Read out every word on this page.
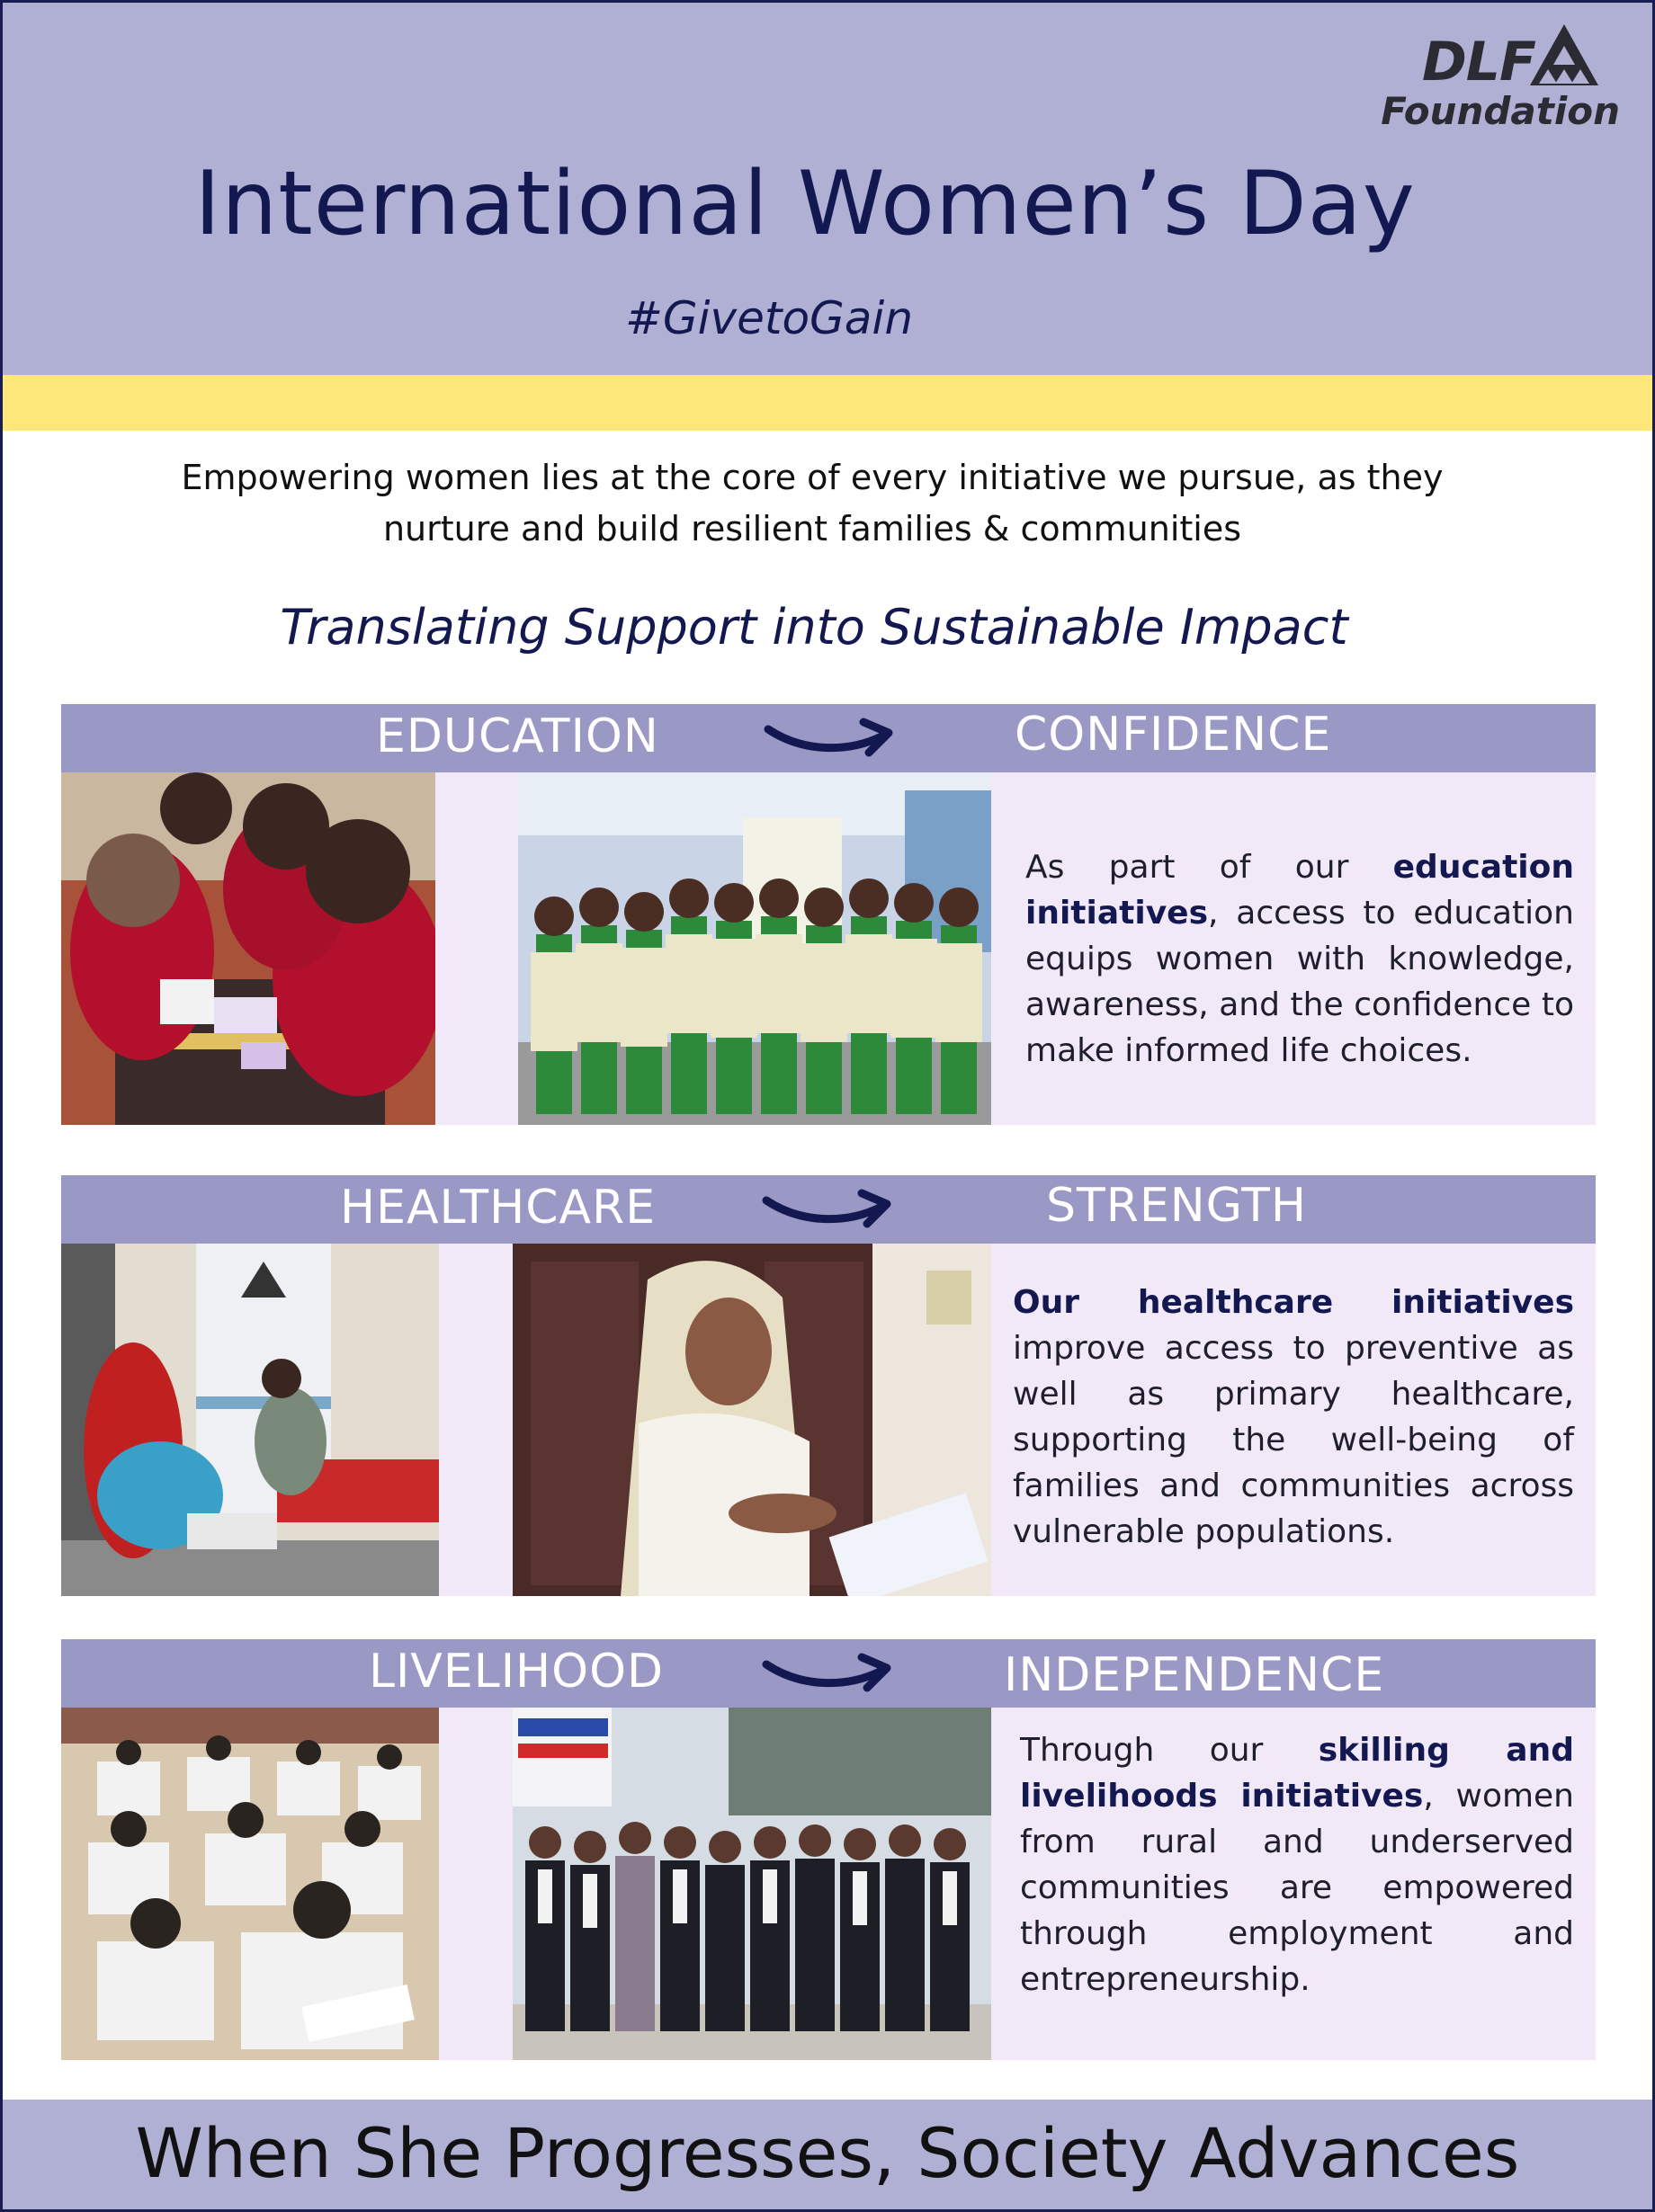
DLF
Foundation
International Women’s Day
#GivetoGain
Empowering women lies at the core of every initiative we pursue, as they nurture and build resilient families & communities
Translating Support into Sustainable Impact
EDUCATION	CONFIDENCE
As part of our education initiatives, access to education equips women with knowledge, awareness, and the confidence to make informed life choices.
HEALTHCARE	STRENGTH
Our healthcare initiatives improve access to preventive as well as primary healthcare, supporting the well-being of families and communities across vulnerable populations.
LIVELIHOOD	INDEPENDENCE
Through our skilling and livelihoods initiatives, women from rural and underserved communities are empowered through employment and entrepreneurship.
When She Progresses, Society Advances
